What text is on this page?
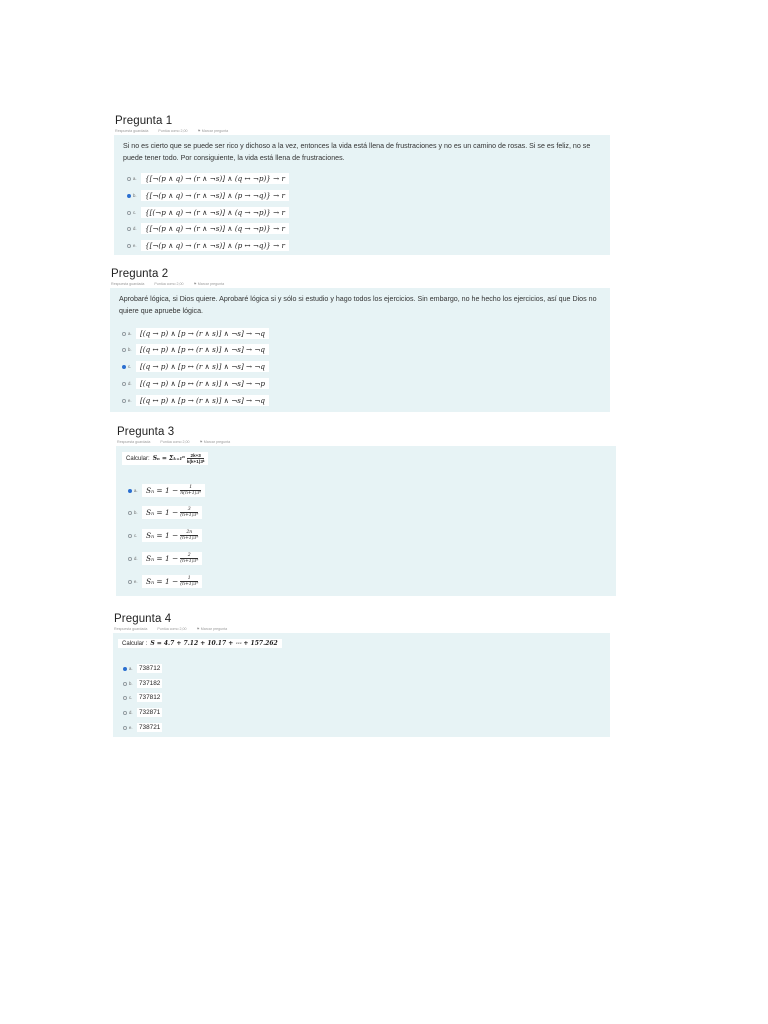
Pregunta 1
Respuesta guardada	Puntúa como 2,00	⚑ Marcar pregunta
Si no es cierto que se puede ser rico y dichoso a la vez, entonces la vida está llena de frustraciones y no es un camino de rosas. Si se es feliz, no se puede tener todo. Por consiguiente, la vida está llena de frustraciones.
a.	{[¬(p ∧ q) → (r ∧ ¬s)] ∧ (q ↔ ¬p)} → r
b.	{[¬(p ∧ q) → (r ∧ ¬s)] ∧ (p → ¬q)} → r
c.	{[(¬p ∧ q) → (r ∧ ¬s)] ∧ (q → ¬p)} → r
d.	{[¬(p ∧ q) → (r ∧ ¬s)] ∧ (q → ¬p)} → r
e.	{[¬(p ∧ q) → (r ∧ ¬s)] ∧ (p ↔ ¬q)} → r
Pregunta 2
Respuesta guardada	Puntúa como 2,00	⚑ Marcar pregunta
Aprobaré lógica, si Dios quiere. Aprobaré lógica si y sólo si estudio y hago todos los ejercicios. Sin embargo, no he hecho los ejercicios, así que Dios no quiere que apruebe lógica.
a.	[(q → p) ∧ [p → (r ∧ s)] ∧ ¬s] → ¬q
b.	[(q ↔ p) ∧ [p ↔ (r ∧ s)] ∧ ¬s] → ¬q
c.	[(q → p) ∧ [p ↔ (r ∧ s)] ∧ ¬s] → ¬q
d.	[(q → p) ∧ [p ↔ (r ∧ s)] ∧ ¬s] → ¬p
e.	[(q ↔ p) ∧ [p → (r ∧ s)] ∧ ¬s] → ¬q
Pregunta 3
Respuesta guardada	Puntúa como 2,00	⚑ Marcar pregunta
Calcular: $S_n = \Sigma_{k=1}^n \frac{2k+3}{\text{k(k+1)3ᵏ}}$
a.	$S_n = 1 - \frac{1}{\text{n(n+1)3ⁿ}}$
b.	$S_n = 1 - \frac{3}{\text{(n+1)3ⁿ}}$
c.	$S_n = 1 - \frac{2n}{\text{(n+1)3ⁿ}}$
d.	$S_n = 1 - \frac{2}{\text{(n+1)3ⁿ}}$
e.	$S_n = 1 - \frac{1}{\text{(n+1)3ⁿ}}$
Pregunta 4
Respuesta guardada	Puntúa como 2,00	⚑ Marcar pregunta
Calcular : S = 4.7 + 7.12 + 10.17 + ⋯ + 157.262
a.	738712
b.	737182
c.	737812
d.	732871
e.	738721
